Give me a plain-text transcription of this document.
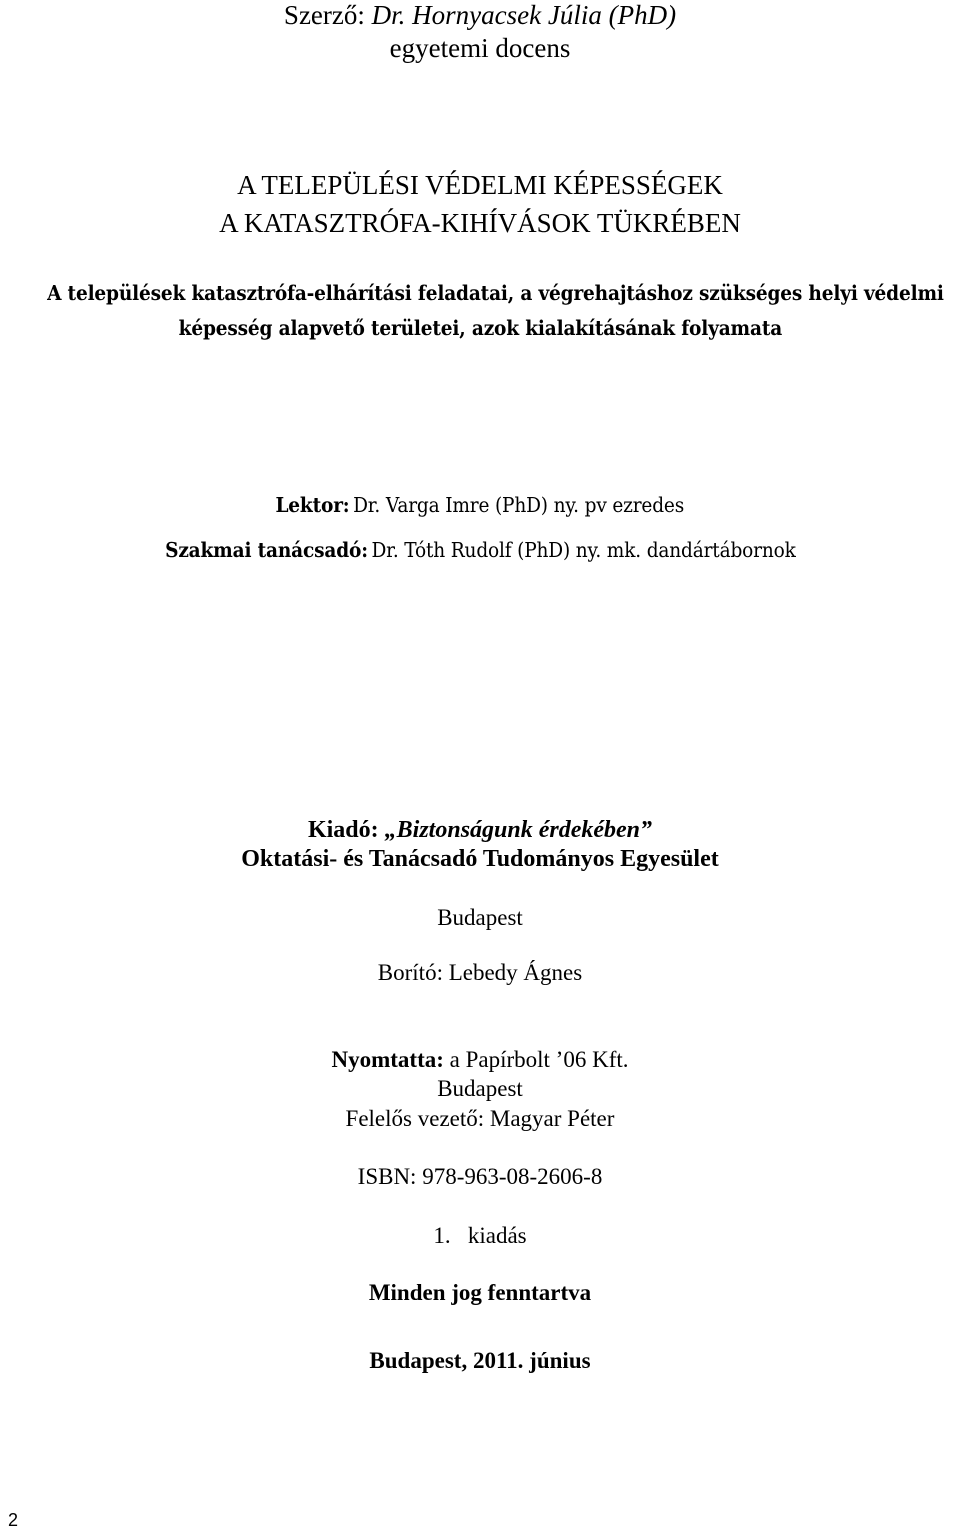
Szerző: Dr. Hornyacsek Júlia (PhD)
egyetemi docens
A TELEPÜLÉSI VÉDELMI KÉPESSÉGEK
A KATASZTRÓFA-KIHÍVÁSOK TÜKRÉBEN
A települések katasztrófa-elhárítási feladatai, a végrehajtáshoz szükséges helyi védelmi
képesség alapvető területei, azok kialakításának folyamata
Lektor: Dr. Varga Imre (PhD) ny. pv ezredes
Szakmai tanácsadó: Dr. Tóth Rudolf (PhD) ny. mk. dandártábornok
Kiadó: „Biztonságunk érdekében”
Oktatási- és Tanácsadó Tudományos Egyesület
Budapest
Borító: Lebedy Ágnes
Nyomtatta: a Papírbolt ’06 Kft.
Budapest
Felelős vezető: Magyar Péter
ISBN: 978-963-08-2606-8
1.   kiadás
Minden jog fenntartva
Budapest, 2011. június
2
